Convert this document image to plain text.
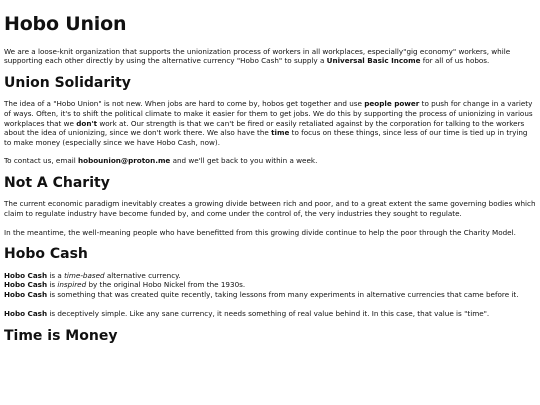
Hobo Union

We are a loose-knit organization that supports the unionization process of workers in all workplaces, especially"gig economy" workers, while supporting each other directly by using the alternative currency "Hobo Cash" to supply a Universal Basic Income for all of us hobos.

Union Solidarity

The idea of a "Hobo Union" is not new. When jobs are hard to come by, hobos get together and use people power to push for change in a variety of ways. Often, it's to shift the political climate to make it easier for them to get jobs. We do this by supporting the process of unionizing in various workplaces that we don't work at. Our strength is that we can't be fired or easily retaliated against by the corporation for talking to the workers about the idea of unionizing, since we don't work there. We also have the time to focus on these things, since less of our time is tied up in trying to make money (especially since we have Hobo Cash, now).

To contact us, email hobounion@proton.me and we'll get back to you within a week.

Not A Charity

The current economic paradigm inevitably creates a growing divide between rich and poor, and to a great extent the same governing bodies which claim to regulate industry have become funded by, and come under the control of, the very industries they sought to regulate.

In the meantime, the well-meaning people who have benefitted from this growing divide continue to help the poor through the Charity Model.

Hobo Cash

Hobo Cash is a time-based alternative currency.
Hobo Cash is inspired by the original Hobo Nickel from the 1930s.
Hobo Cash is something that was created quite recently, taking lessons from many experiments in alternative currencies that came before it.

Hobo Cash is deceptively simple. Like any sane currency, it needs something of real value behind it. In this case, that value is "time".

Time is Money
